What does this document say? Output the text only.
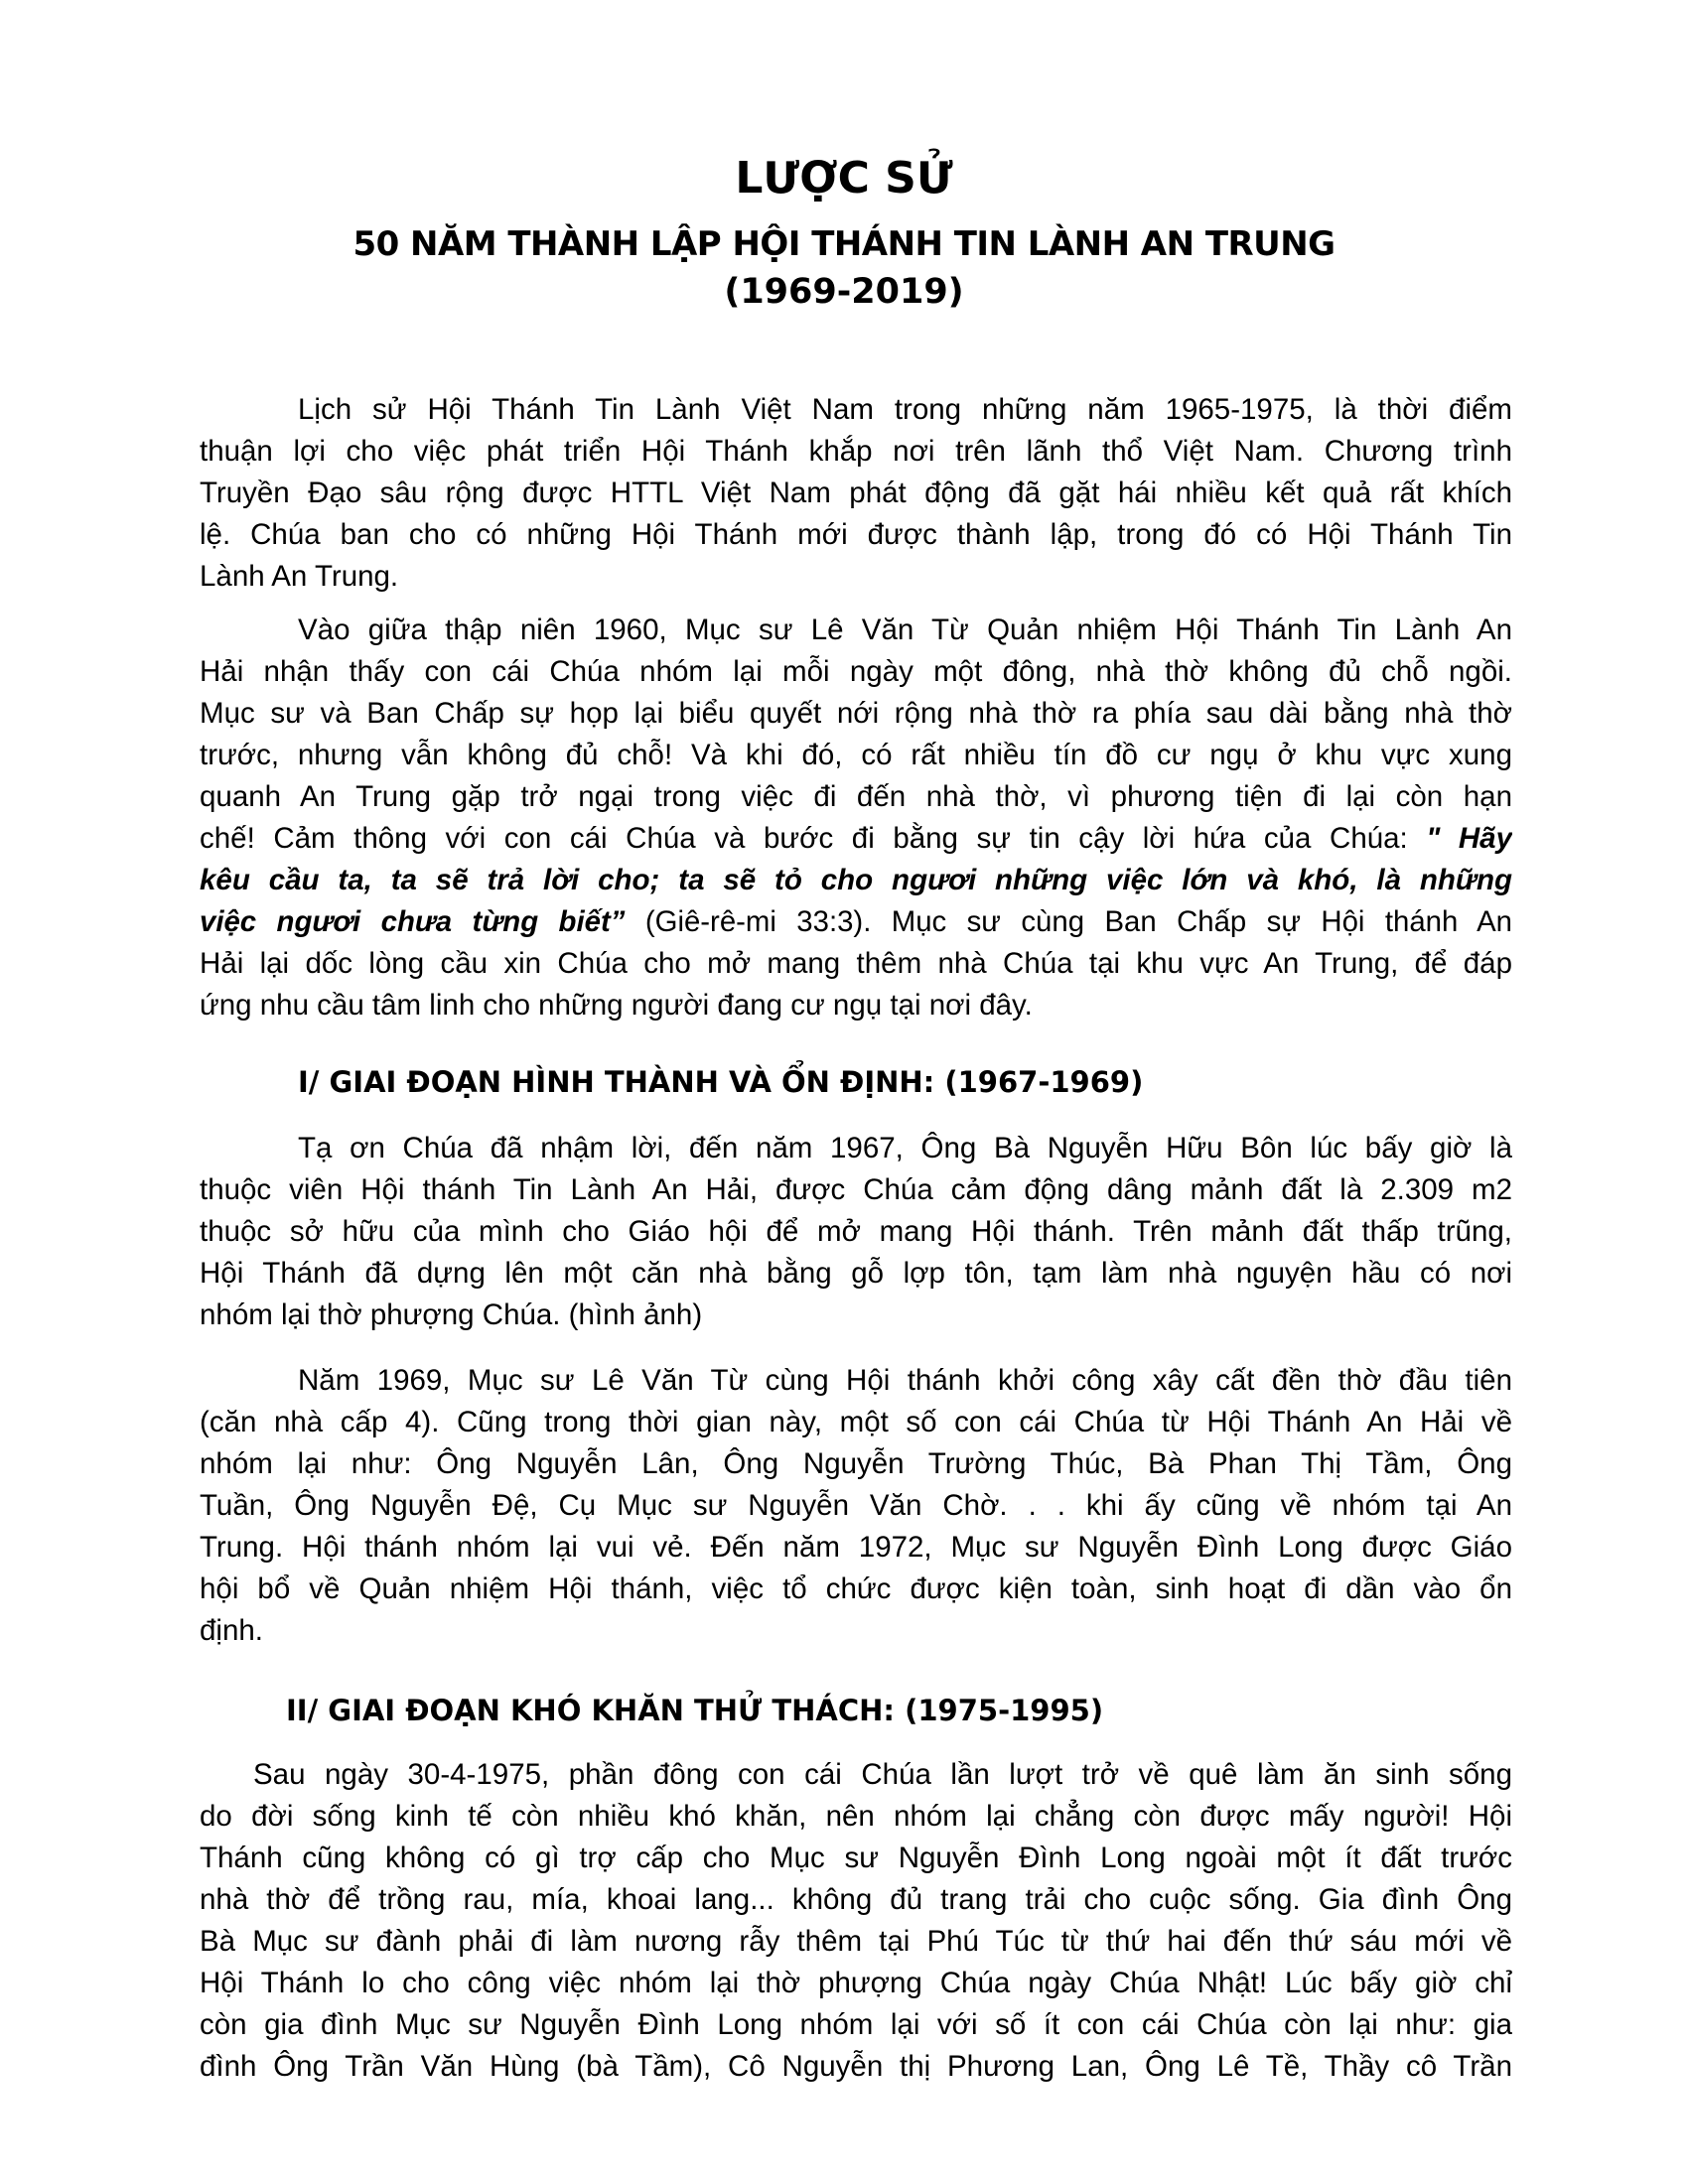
LƯỢC SỬ
50 NĂM THÀNH LẬP HỘI THÁNH TIN LÀNH AN TRUNG
(1969-2019)
Lịch sử Hội Thánh Tin Lành Việt Nam trong những năm 1965-1975, là thời điểm
thuận lợi cho việc phát triển Hội Thánh khắp nơi trên lãnh thổ Việt Nam. Chương trình
Truyền Đạo sâu rộng được HTTL Việt Nam phát động đã gặt hái nhiều kết quả rất khích
lệ. Chúa ban cho có những Hội Thánh mới được thành lập, trong đó có Hội Thánh Tin
Lành An Trung.
Vào giữa thập niên 1960, Mục sư Lê Văn Từ Quản nhiệm Hội Thánh Tin Lành An
Hải nhận thấy con cái Chúa nhóm lại mỗi ngày một đông, nhà thờ không đủ chỗ ngồi.
Mục sư và Ban Chấp sự họp lại biểu quyết nới rộng nhà thờ ra phía sau dài bằng nhà thờ
trước, nhưng vẫn không đủ chỗ! Và khi đó, có rất nhiều tín đồ cư ngụ ở khu vực xung
quanh An Trung gặp trở ngại trong việc đi đến nhà thờ, vì phương tiện đi lại còn hạn
chế! Cảm thông với con cái Chúa và bước đi bằng sự tin cậy lời hứa của Chúa: " Hãy
kêu cầu ta, ta sẽ trả lời cho; ta sẽ tỏ cho ngươi những việc lớn và khó, là những
việc ngươi chưa từng biết” (Giê-rê-mi 33:3). Mục sư cùng Ban Chấp sự Hội thánh An
Hải lại dốc lòng cầu xin Chúa cho mở mang thêm nhà Chúa tại khu vực An Trung, để đáp
ứng nhu cầu tâm linh cho những người đang cư ngụ tại nơi đây.
I/ GIAI ĐOẠN HÌNH THÀNH VÀ ỔN ĐỊNH: (1967-1969)
Tạ ơn Chúa đã nhậm lời, đến năm 1967, Ông Bà Nguyễn Hữu Bôn lúc bấy giờ là
thuộc viên Hội thánh Tin Lành An Hải, được Chúa cảm động dâng mảnh đất là 2.309 m2
thuộc sở hữu của mình cho Giáo hội để mở mang Hội thánh. Trên mảnh đất thấp trũng,
Hội Thánh đã dựng lên một căn nhà bằng gỗ lợp tôn, tạm làm nhà nguyện hầu có nơi
nhóm lại thờ phượng Chúa. (hình ảnh)
Năm 1969, Mục sư Lê Văn Từ cùng Hội thánh khởi công xây cất đền thờ đầu tiên
(căn nhà cấp 4). Cũng trong thời gian này, một số con cái Chúa từ Hội Thánh An Hải về
nhóm lại như: Ông Nguyễn Lân, Ông Nguyễn Trường Thúc, Bà Phan Thị Tầm, Ông
Tuần, Ông Nguyễn Đệ, Cụ Mục sư Nguyễn Văn Chờ. . . khi ấy cũng về nhóm tại An
Trung. Hội thánh nhóm lại vui vẻ. Đến năm 1972, Mục sư Nguyễn Đình Long được Giáo
hội bổ về Quản nhiệm Hội thánh, việc tổ chức được kiện toàn, sinh hoạt đi dần vào ổn
định.
II/ GIAI ĐOẠN KHÓ KHĂN THỬ THÁCH: (1975-1995)
Sau ngày 30-4-1975, phần đông con cái Chúa lần lượt trở về quê làm ăn sinh sống
do đời sống kinh tế còn nhiều khó khăn, nên nhóm lại chẳng còn được mấy người! Hội
Thánh cũng không có gì trợ cấp cho Mục sư Nguyễn Đình Long ngoài một ít đất trước
nhà thờ để trồng rau, mía, khoai lang... không đủ trang trải cho cuộc sống. Gia đình Ông
Bà Mục sư đành phải đi làm nương rẫy thêm tại Phú Túc từ thứ hai đến thứ sáu mới về
Hội Thánh lo cho công việc nhóm lại thờ phượng Chúa ngày Chúa Nhật! Lúc bấy giờ chỉ
còn gia đình Mục sư Nguyễn Đình Long nhóm lại với số ít con cái Chúa còn lại như: gia
đình Ông Trần Văn Hùng (bà Tầm), Cô Nguyễn thị Phương Lan, Ông Lê Tề, Thầy cô Trần
